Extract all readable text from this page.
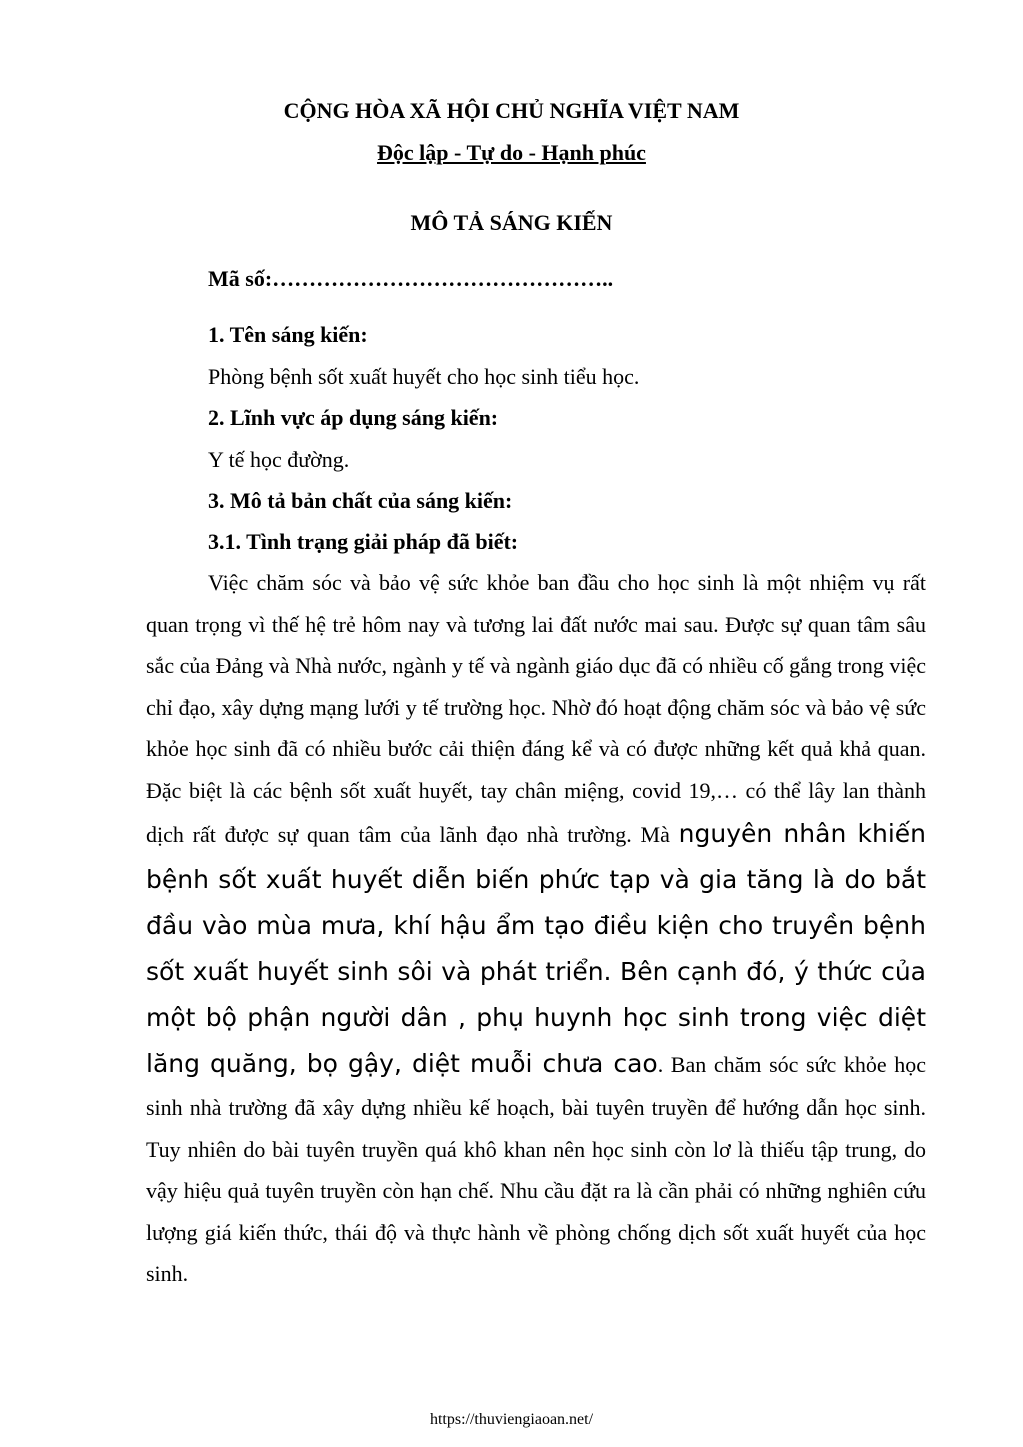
CỘNG HÒA XÃ HỘI CHỦ NGHĨA VIỆT NAM
Độc lập - Tự do - Hạnh phúc
MÔ TẢ SÁNG KIẾN
Mã số:………………………………………..
1. Tên sáng kiến:
Phòng bệnh sốt xuất huyết cho học sinh tiểu học.
2. Lĩnh vực áp dụng sáng kiến:
Y tế học đường.
3. Mô tả bản chất của sáng kiến:
3.1. Tình trạng giải pháp đã biết:
Việc chăm sóc và bảo vệ sức khỏe ban đầu cho học sinh là một nhiệm vụ rất quan trọng vì thế hệ trẻ hôm nay và tương lai đất nước mai sau. Được sự quan tâm sâu sắc của Đảng và Nhà nước, ngành y tế và ngành giáo dục đã có nhiều cố gắng trong việc chỉ đạo, xây dựng mạng lưới y tế trường học. Nhờ đó hoạt động chăm sóc và bảo vệ sức khỏe học sinh đã có nhiều bước cải thiện đáng kể và có được những kết quả khả quan. Đặc biệt là các bệnh sốt xuất huyết, tay chân miệng, covid 19,… có thể lây lan thành dịch rất được sự quan tâm của lãnh đạo nhà trường. Mà nguyên nhân khiến bệnh sốt xuất huyết diễn biến phức tạp và gia tăng là do bắt đầu vào mùa mưa, khí hậu ẩm tạo điều kiện cho truyền bệnh sốt xuất huyết sinh sôi và phát triển. Bên cạnh đó, ý thức của một bộ phận người dân , phụ huynh học sinh trong việc diệt lăng quăng, bọ gậy, diệt muỗi chưa cao. Ban chăm sóc sức khỏe học sinh nhà trường đã xây dựng nhiều kế hoạch, bài tuyên truyền để hướng dẫn học sinh. Tuy nhiên do bài tuyên truyền quá khô khan nên học sinh còn lơ là thiếu tập trung, do vậy hiệu quả tuyên truyền còn hạn chế. Nhu cầu đặt ra là cần phải có những nghiên cứu lượng giá kiến thức, thái độ và thực hành về phòng chống dịch sốt xuất huyết của học sinh.
https://thuviengiaoan.net/
